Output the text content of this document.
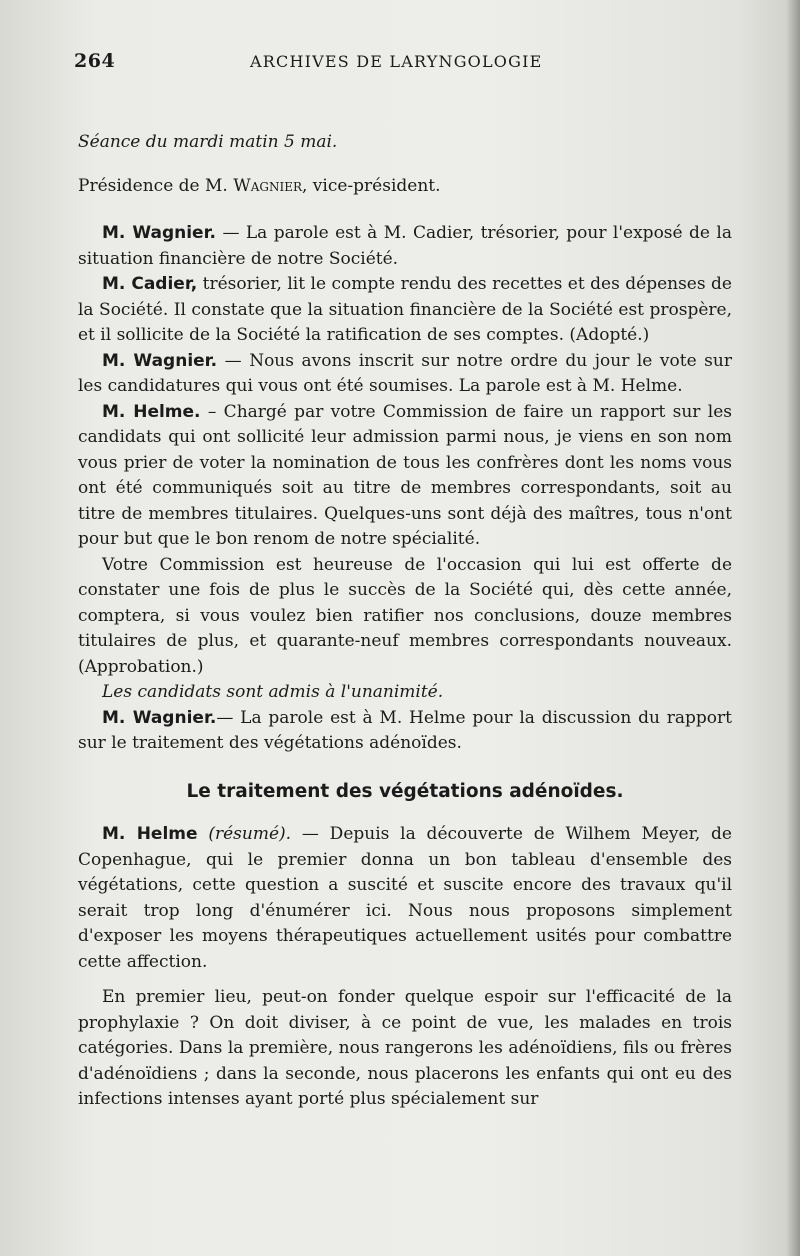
264	ARCHIVES DE LARYNGOLOGIE

Séance du mardi matin 5 mai.

Présidence de M. Wagnier, vice-président.

M. Wagnier. — La parole est à M. Cadier, trésorier, pour l'exposé de la situation financière de notre Société.

M. Cadier, trésorier, lit le compte rendu des recettes et des dépenses de la Société. Il constate que la situation financière de la Société est prospère, et il sollicite de la Société la ratification de ses comptes. (Adopté.)

M. Wagnier. — Nous avons inscrit sur notre ordre du jour le vote sur les candidatures qui vous ont été soumises. La parole est à M. Helme.

M. Helme. – Chargé par votre Commission de faire un rapport sur les candidats qui ont sollicité leur admission parmi nous, je viens en son nom vous prier de voter la nomination de tous les confrères dont les noms vous ont été communiqués soit au titre de membres correspondants, soit au titre de membres titulaires. Quelques-uns sont déjà des maîtres, tous n'ont pour but que le bon renom de notre spécialité.

Votre Commission est heureuse de l'occasion qui lui est offerte de constater une fois de plus le succès de la Société qui, dès cette année, comptera, si vous voulez bien ratifier nos conclusions, douze membres titulaires de plus, et quarante-neuf membres correspondants nouveaux. (Approbation.)

Les candidats sont admis à l'unanimité.

M. Wagnier.— La parole est à M. Helme pour la discussion du rapport sur le traitement des végétations adénoïdes.

Le traitement des végétations adénoïdes.

M. Helme (résumé). — Depuis la découverte de Wilhem Meyer, de Copenhague, qui le premier donna un bon tableau d'ensemble des végétations, cette question a suscité et suscite encore des travaux qu'il serait trop long d'énumérer ici. Nous nous proposons simplement d'exposer les moyens thérapeutiques actuellement usités pour combattre cette affection.

En premier lieu, peut-on fonder quelque espoir sur l'efficacité de la prophylaxie ? On doit diviser, à ce point de vue, les malades en trois catégories. Dans la première, nous rangerons les adénoïdiens, fils ou frères d'adénoïdiens ; dans la seconde, nous placerons les enfants qui ont eu des infections intenses ayant porté plus spécialement sur
